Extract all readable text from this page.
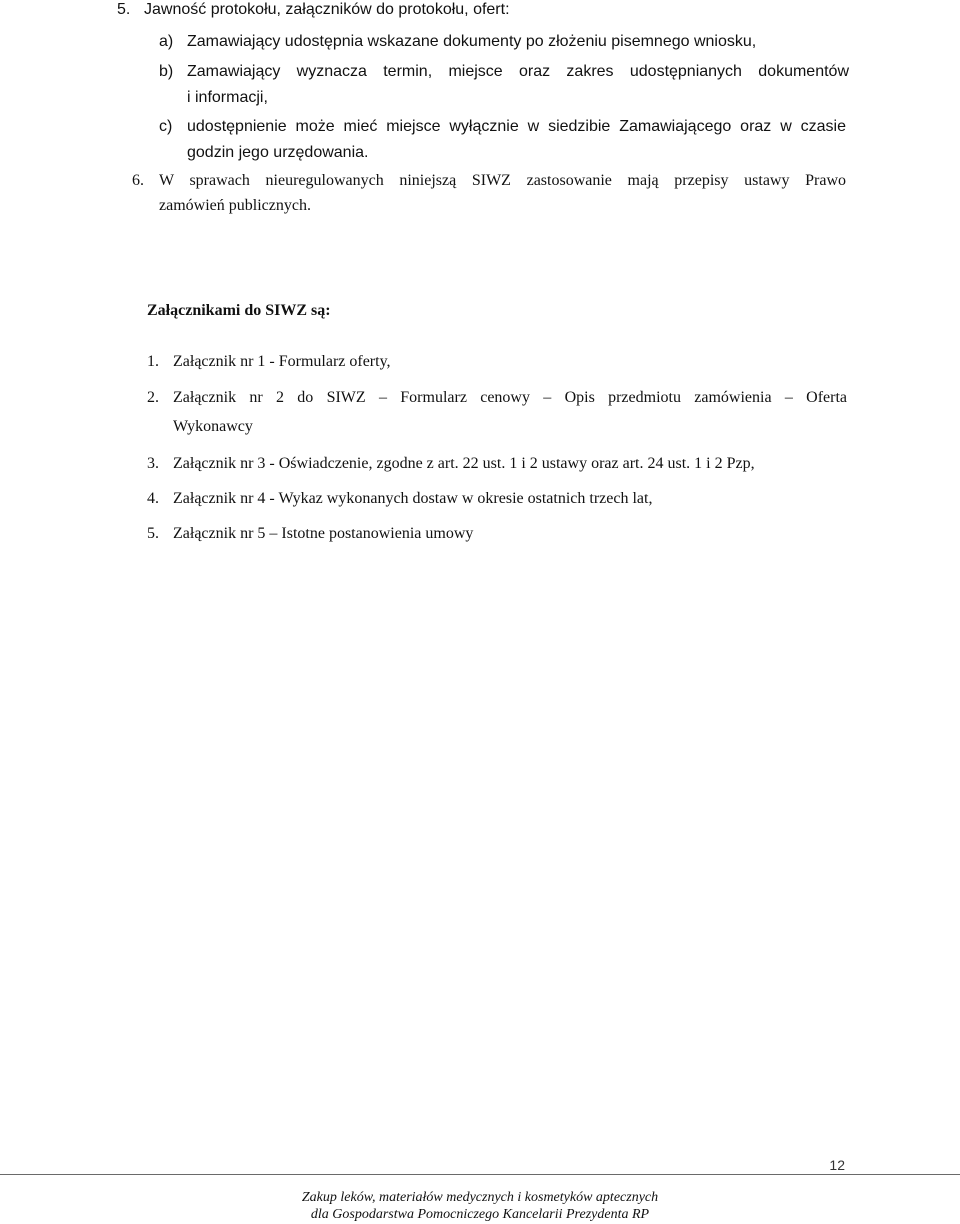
5. Jawność protokołu, załączników do protokołu, ofert:
a) Zamawiający udostępnia wskazane dokumenty po złożeniu pisemnego wniosku,
b) Zamawiający wyznacza termin, miejsce oraz zakres udostępnianych dokumentów
i informacji,
c) udostępnienie może mieć miejsce wyłącznie w siedzibie Zamawiającego oraz w czasie
godzin jego urzędowania.
6. W sprawach nieuregulowanych niniejszą SIWZ zastosowanie mają przepisy ustawy Prawo
zamówień publicznych.
Załącznikami do SIWZ są:
1. Załącznik nr 1 - Formularz oferty,
2. Załącznik nr 2 do SIWZ – Formularz cenowy – Opis przedmiotu zamówienia – Oferta
Wykonawcy
3. Załącznik nr 3 - Oświadczenie, zgodne z art. 22 ust. 1 i 2 ustawy oraz art. 24 ust. 1 i 2 Pzp,
4. Załącznik nr 4 - Wykaz wykonanych dostaw w okresie ostatnich trzech lat,
5. Załącznik nr 5 – Istotne postanowienia umowy
12
Zakup leków, materiałów medycznych i kosmetyków aptecznych
dla Gospodarstwa Pomocniczego Kancelarii Prezydenta RP
